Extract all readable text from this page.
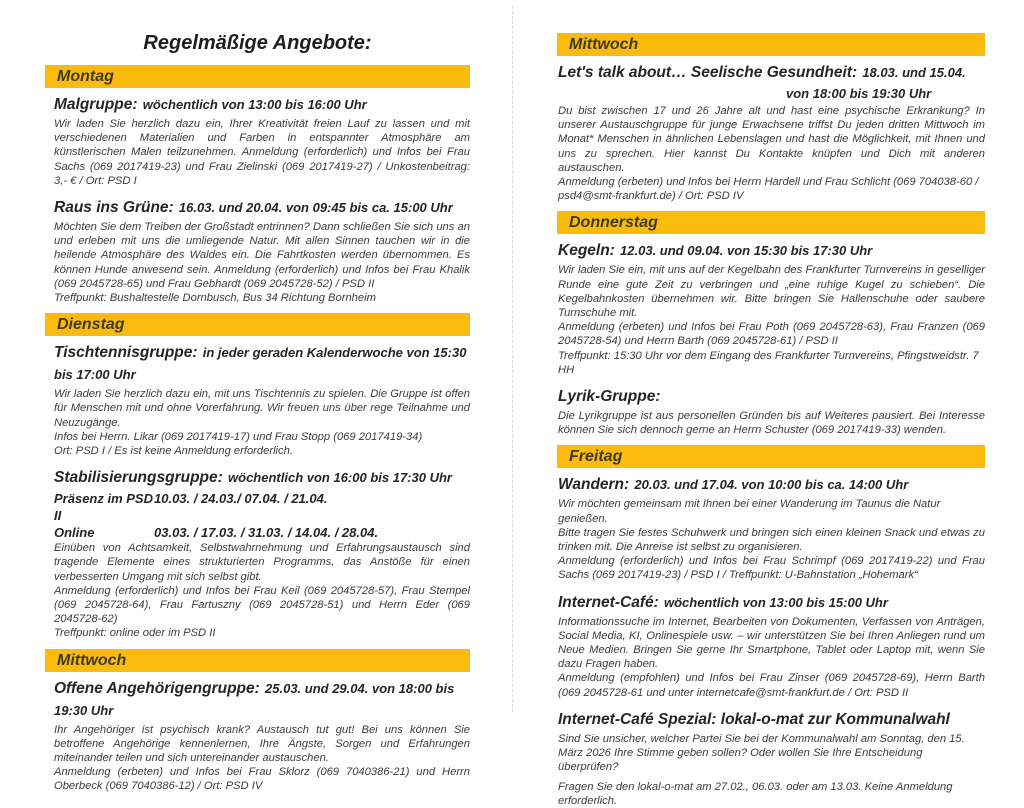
Regelmäßige Angebote:
Montag
Malgruppe: wöchentlich von 13:00 bis 16:00 Uhr

Wir laden Sie herzlich dazu ein, Ihrer Kreativität freien Lauf zu lassen und mit verschiedenen Materialien und Farben in entspannter Atmosphäre am künstlerischen Malen teilzunehmen. Anmeldung (erforderlich) und Infos bei Frau Sachs (069 2017419-23) und Frau Zielinski (069 2017419-27) / Unkostenbeitrag: 3,- € / Ort: PSD I

Raus ins Grüne: 16.03. und 20.04. von 09:45 bis ca. 15:00 Uhr

Möchten Sie dem Treiben der Großstadt entrinnen? Dann schließen Sie sich uns an und erleben mit uns die umliegende Natur. Mit allen Sinnen tauchen wir in die heilende Atmosphäre des Waldes ein. Die Fahrtkosten werden übernommen. Es können Hunde anwesend sein. Anmeldung (erforderlich) und Infos bei Frau Khalik (069 2045728-65) und Frau Gebhardt (069 2045728-52) / PSD II

Treffpunkt: Bushaltestelle Dornbusch, Bus 34 Richtung Bornheim

Dienstag
Tischtennisgruppe: in jeder geraden Kalenderwoche von 15:30 bis 17:00 Uhr

Wir laden Sie herzlich dazu ein, mit uns Tischtennis zu spielen. Die Gruppe ist offen für Menschen mit und ohne Vorerfahrung. Wir freuen uns über rege Teilnahme und Neuzugänge.

Infos bei Herrn. Likar (069 2017419-17) und Frau Stopp (069 2017419-34)

Ort: PSD I / Es ist keine Anmeldung erforderlich.

Stabilisierungsgruppe: wöchentlich von 16:00 bis 17:30 Uhr
Präsenz im PSD II
10.03. / 24.03./ 07.04. / 21.04.
Online	03.03. / 17.03. / 31.03. / 14.04. / 28.04.

Einüben von Achtsamkeit, Selbstwahrnehmung und Erfahrungsaustausch sind tragende Elemente eines strukturierten Programms, das Anstöße für einen verbesserten Umgang mit sich selbst gibt.

Anmeldung (erforderlich) und Infos bei Frau Keil (069 2045728-57), Frau Stempel (069 2045728-64), Frau Fartuszny (069 2045728-51) und Herrn Eder (069 2045728-62)

Treffpunkt: online oder im PSD II

Mittwoch
Offene Angehörigengruppe: 25.03. und 29.04. von 18:00 bis 19:30 Uhr

Ihr Angehöriger ist psychisch krank? Austausch tut gut! Bei uns können Sie betroffene Angehörige kennenlernen, Ihre Ängste, Sorgen und Erfahrungen miteinander teilen und sich untereinander austauschen.

Anmeldung (erbeten) und Infos bei Frau Sklorz (069 7040386-21) und Herrn Oberbeck (069 7040386-12) / Ort: PSD IV

Mittwoch
Let's talk about… Seelische Gesundheit: 18.03. und 15.04.
von 18:00 bis 19:30 Uhr

Du bist zwischen 17 und 26 Jahre alt und hast eine psychische Erkrankung? In unserer Austauschgruppe für junge Erwachsene triffst Du jeden dritten Mittwoch im Monat* Menschen in ähnlichen Lebenslagen und hast die Möglichkeit, mit Ihnen und uns zu sprechen. Hier kannst Du Kontakte knüpfen und Dich mit anderen austauschen.

Anmeldung (erbeten) und Infos bei Herrn Hardell und Frau Schlicht (069 704038-60 / psd4@smt-frankfurt.de) / Ort: PSD IV

Donnerstag
Kegeln: 12.03. und 09.04. von 15:30 bis 17:30 Uhr

Wir laden Sie ein, mit uns auf der Kegelbahn des Frankfurter Turnvereins in geselliger Runde eine gute Zeit zu verbringen und „eine ruhige Kugel zu schieben“. Die Kegelbahnkosten übernehmen wir. Bitte bringen Sie Hallenschuhe oder saubere Turnschuhe mit.

Anmeldung (erbeten) und Infos bei Frau Poth (069 2045728-63), Frau Franzen (069 2045728-54) und Herrn Barth (069 2045728-61) / PSD II

Treffpunkt: 15:30 Uhr vor dem Eingang des Frankfurter Turnvereins, Pfingstweidstr. 7 HH

Lyrik-Gruppe:

Die Lyrikgruppe ist aus personellen Gründen bis auf Weiteres pausiert. Bei Interesse können Sie sich dennoch gerne an Herrn Schuster (069 2017419-33) wenden.

Freitag
Wandern: 20.03. und 17.04. von 10:00 bis ca. 14:00 Uhr

Wir möchten gemeinsam mit Ihnen bei einer Wanderung im Taunus die Natur genießen.

Bitte tragen Sie festes Schuhwerk und bringen sich einen kleinen Snack und etwas zu trinken mit. Die Anreise ist selbst zu organisieren.

Anmeldung (erforderlich) und Infos bei Frau Schrimpf (069 2017419-22) und Frau Sachs (069 2017419-23) / PSD I / Treffpunkt: U-Bahnstation „Hohemark“

Internet-Café: wöchentlich von 13:00 bis 15:00 Uhr

Informationssuche im Internet, Bearbeiten von Dokumenten, Verfassen von Anträgen, Social Media, KI, Onlinespiele usw. – wir unterstützen Sie bei Ihren Anliegen rund um Neue Medien. Bringen Sie gerne Ihr Smartphone, Tablet oder Laptop mit, wenn Sie dazu Fragen haben.

Anmeldung (empfohlen) und Infos bei Frau Zinser (069 2045728-69), Herrn Barth (069 2045728-61 und unter internetcafe@smt-frankfurt.de / Ort: PSD II

Internet-Café Spezial: lokal-o-mat zur Kommunalwahl

Sind Sie unsicher, welcher Partei Sie bei der Kommunalwahl am Sonntag, den 15. März 2026 Ihre Stimme geben sollen? Oder wollen Sie Ihre Entscheidung überprüfen?

Fragen Sie den lokal-o-mat am 27.02., 06.03. oder am 13.03. Keine Anmeldung erforderlich.
